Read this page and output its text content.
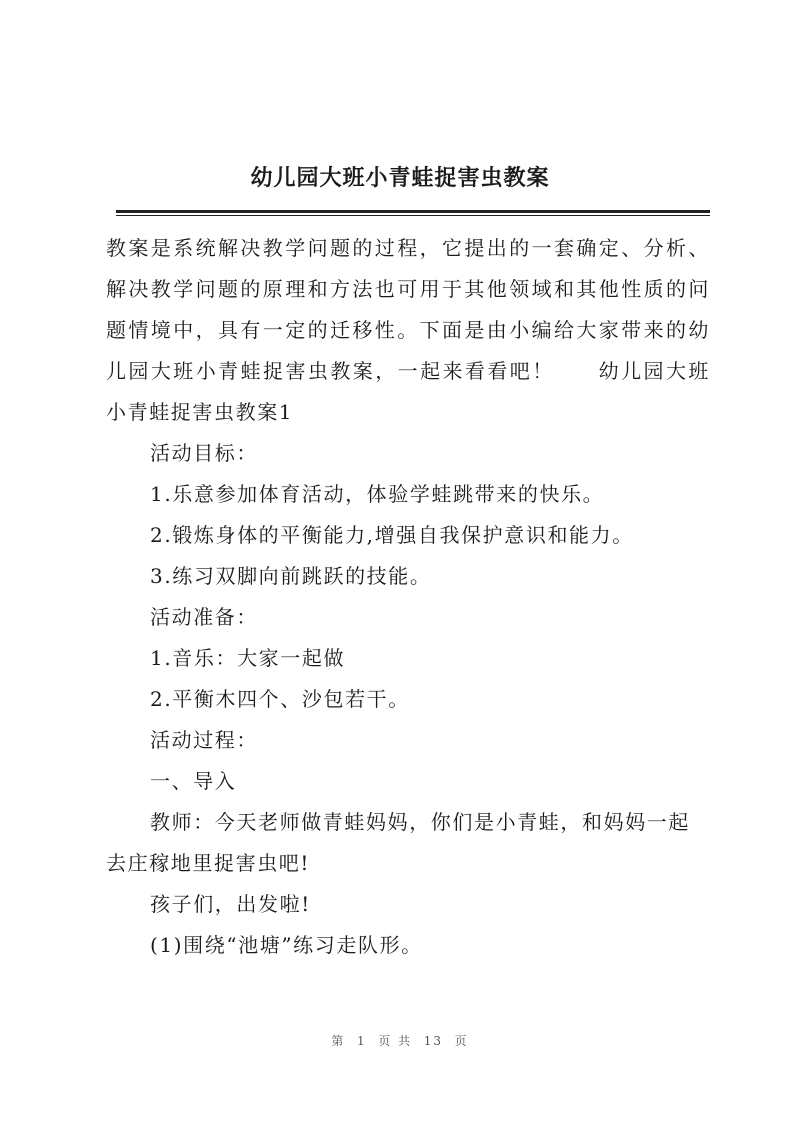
幼儿园大班小青蛙捉害虫教案

教案是系统解决教学问题的过程，它提出的一套确定、分析、解决教学问题的原理和方法也可用于其他领域和其他性质的问题情境中，具有一定的迁移性。下面是由小编给大家带来的幼儿园大班小青蛙捉害虫教案，一起来看看吧！ 幼儿园大班小青蛙捉害虫教案1

活动目标：

1.乐意参加体育活动，体验学蛙跳带来的快乐。

2.锻炼身体的平衡能力,增强自我保护意识和能力。

3.练习双脚向前跳跃的技能。

活动准备：

1.音乐：大家一起做

2.平衡木四个、沙包若干。

活动过程：

一、导入

教师：今天老师做青蛙妈妈，你们是小青蛙，和妈妈一起去庄稼地里捉害虫吧!

孩子们，出发啦!

(1)围绕“池塘”练习走队形。

第  1  页 共  13  页
